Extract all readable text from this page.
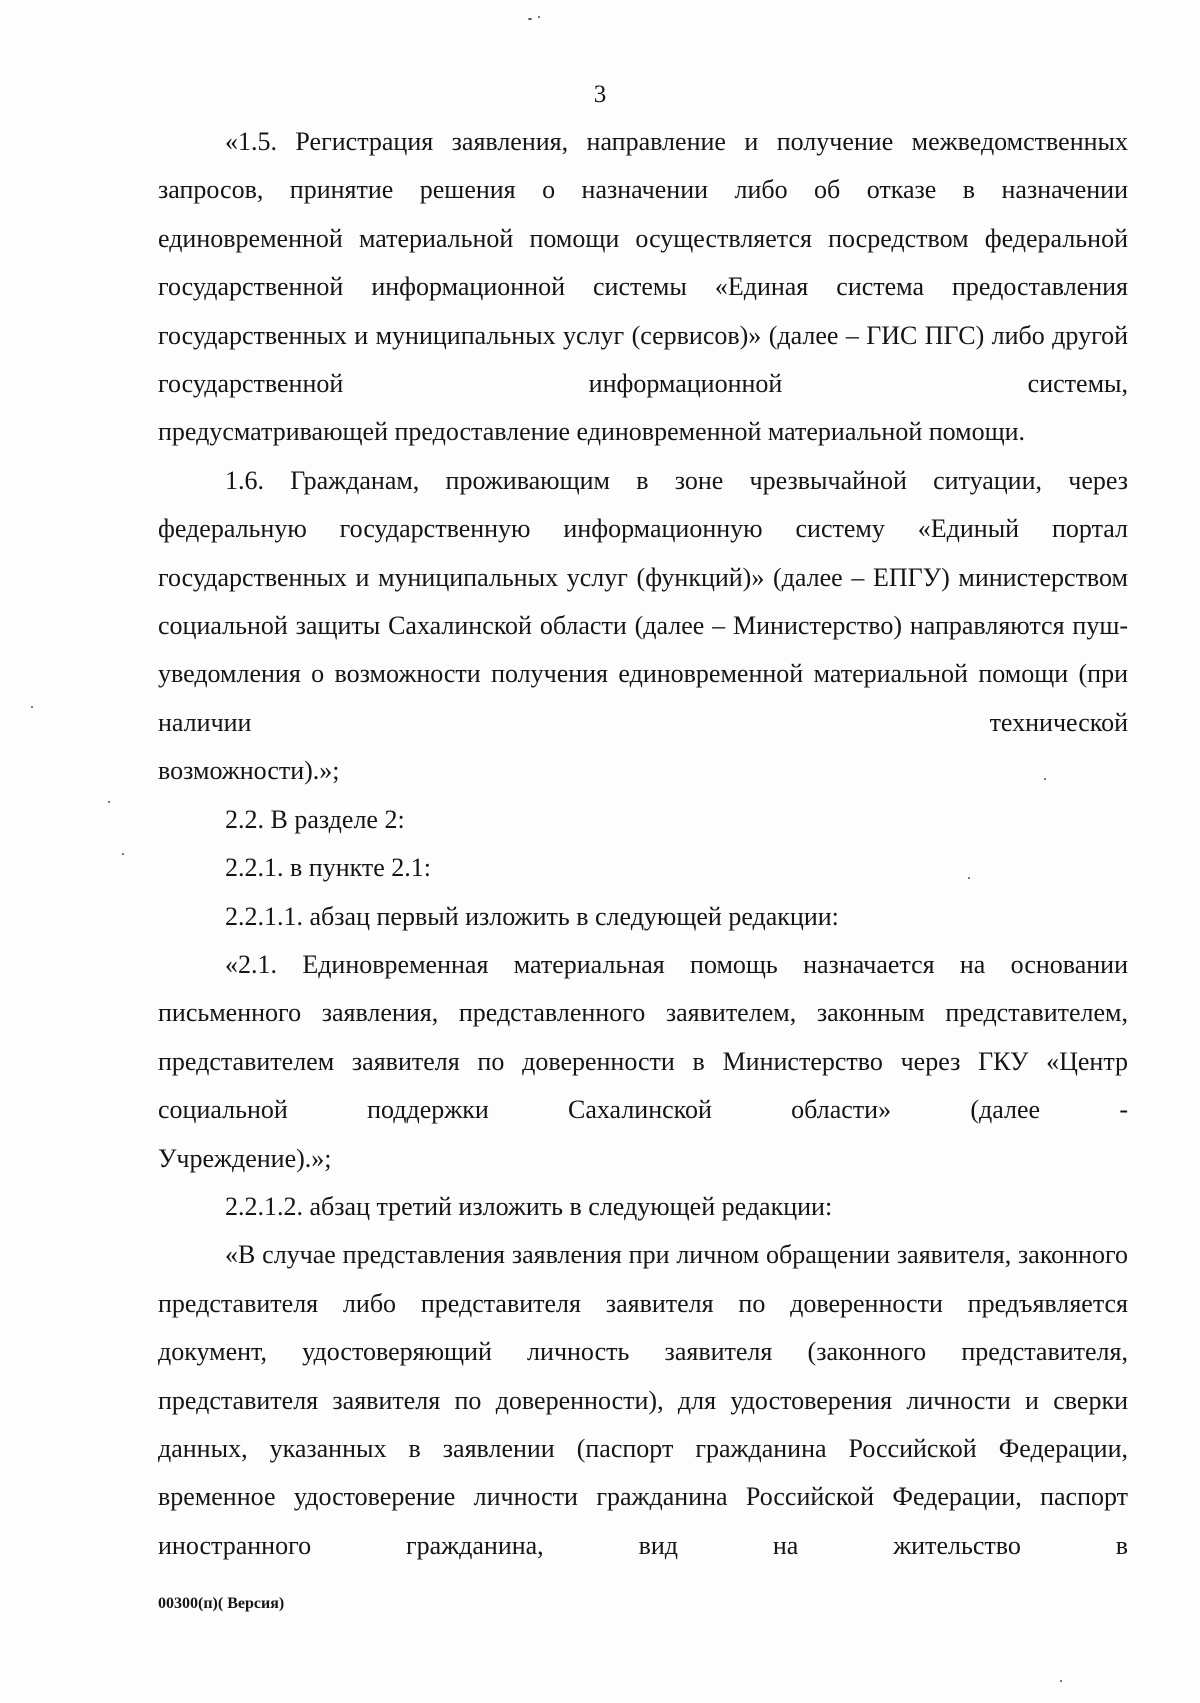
3

«1.5. Регистрация заявления, направление и получение межведомственных запросов, принятие решения о назначении либо об отказе в назначении единовременной материальной помощи осуществляется посредством федеральной государственной информационной системы «Единая система предоставления государственных и муниципальных услуг (сервисов)» (далее – ГИС ПГС) либо другой государственной информационной системы,

предусматривающей предоставление единовременной материальной помощи.

1.6. Гражданам, проживающим в зоне чрезвычайной ситуации, через федеральную государственную информационную систему «Единый портал государственных и муниципальных услуг (функций)» (далее – ЕПГУ) министерством социальной защиты Сахалинской области (далее – Министерство) направляются пуш-уведомления о возможности получения единовременной материальной помощи (при наличии технической

возможности).»;

2.2. В разделе 2:

2.2.1. в пункте 2.1:

2.2.1.1. абзац первый изложить в следующей редакции:

«2.1. Единовременная материальная помощь назначается на основании письменного заявления, представленного заявителем, законным представителем, представителем заявителя по доверенности в Министерство через ГКУ «Центр социальной поддержки Сахалинской области» (далее -

Учреждение).»;

2.2.1.2. абзац третий изложить в следующей редакции:

«В случае представления заявления при личном обращении заявителя, законного представителя либо представителя заявителя по доверенности предъявляется документ, удостоверяющий личность заявителя (законного представителя, представителя заявителя по доверенности), для удостоверения личности и сверки данных, указанных в заявлении (паспорт гражданина Российской Федерации, временное удостоверение личности гражданина Российской Федерации, паспорт иностранного гражданина, вид на жительство в

00300(п)( Версия)
